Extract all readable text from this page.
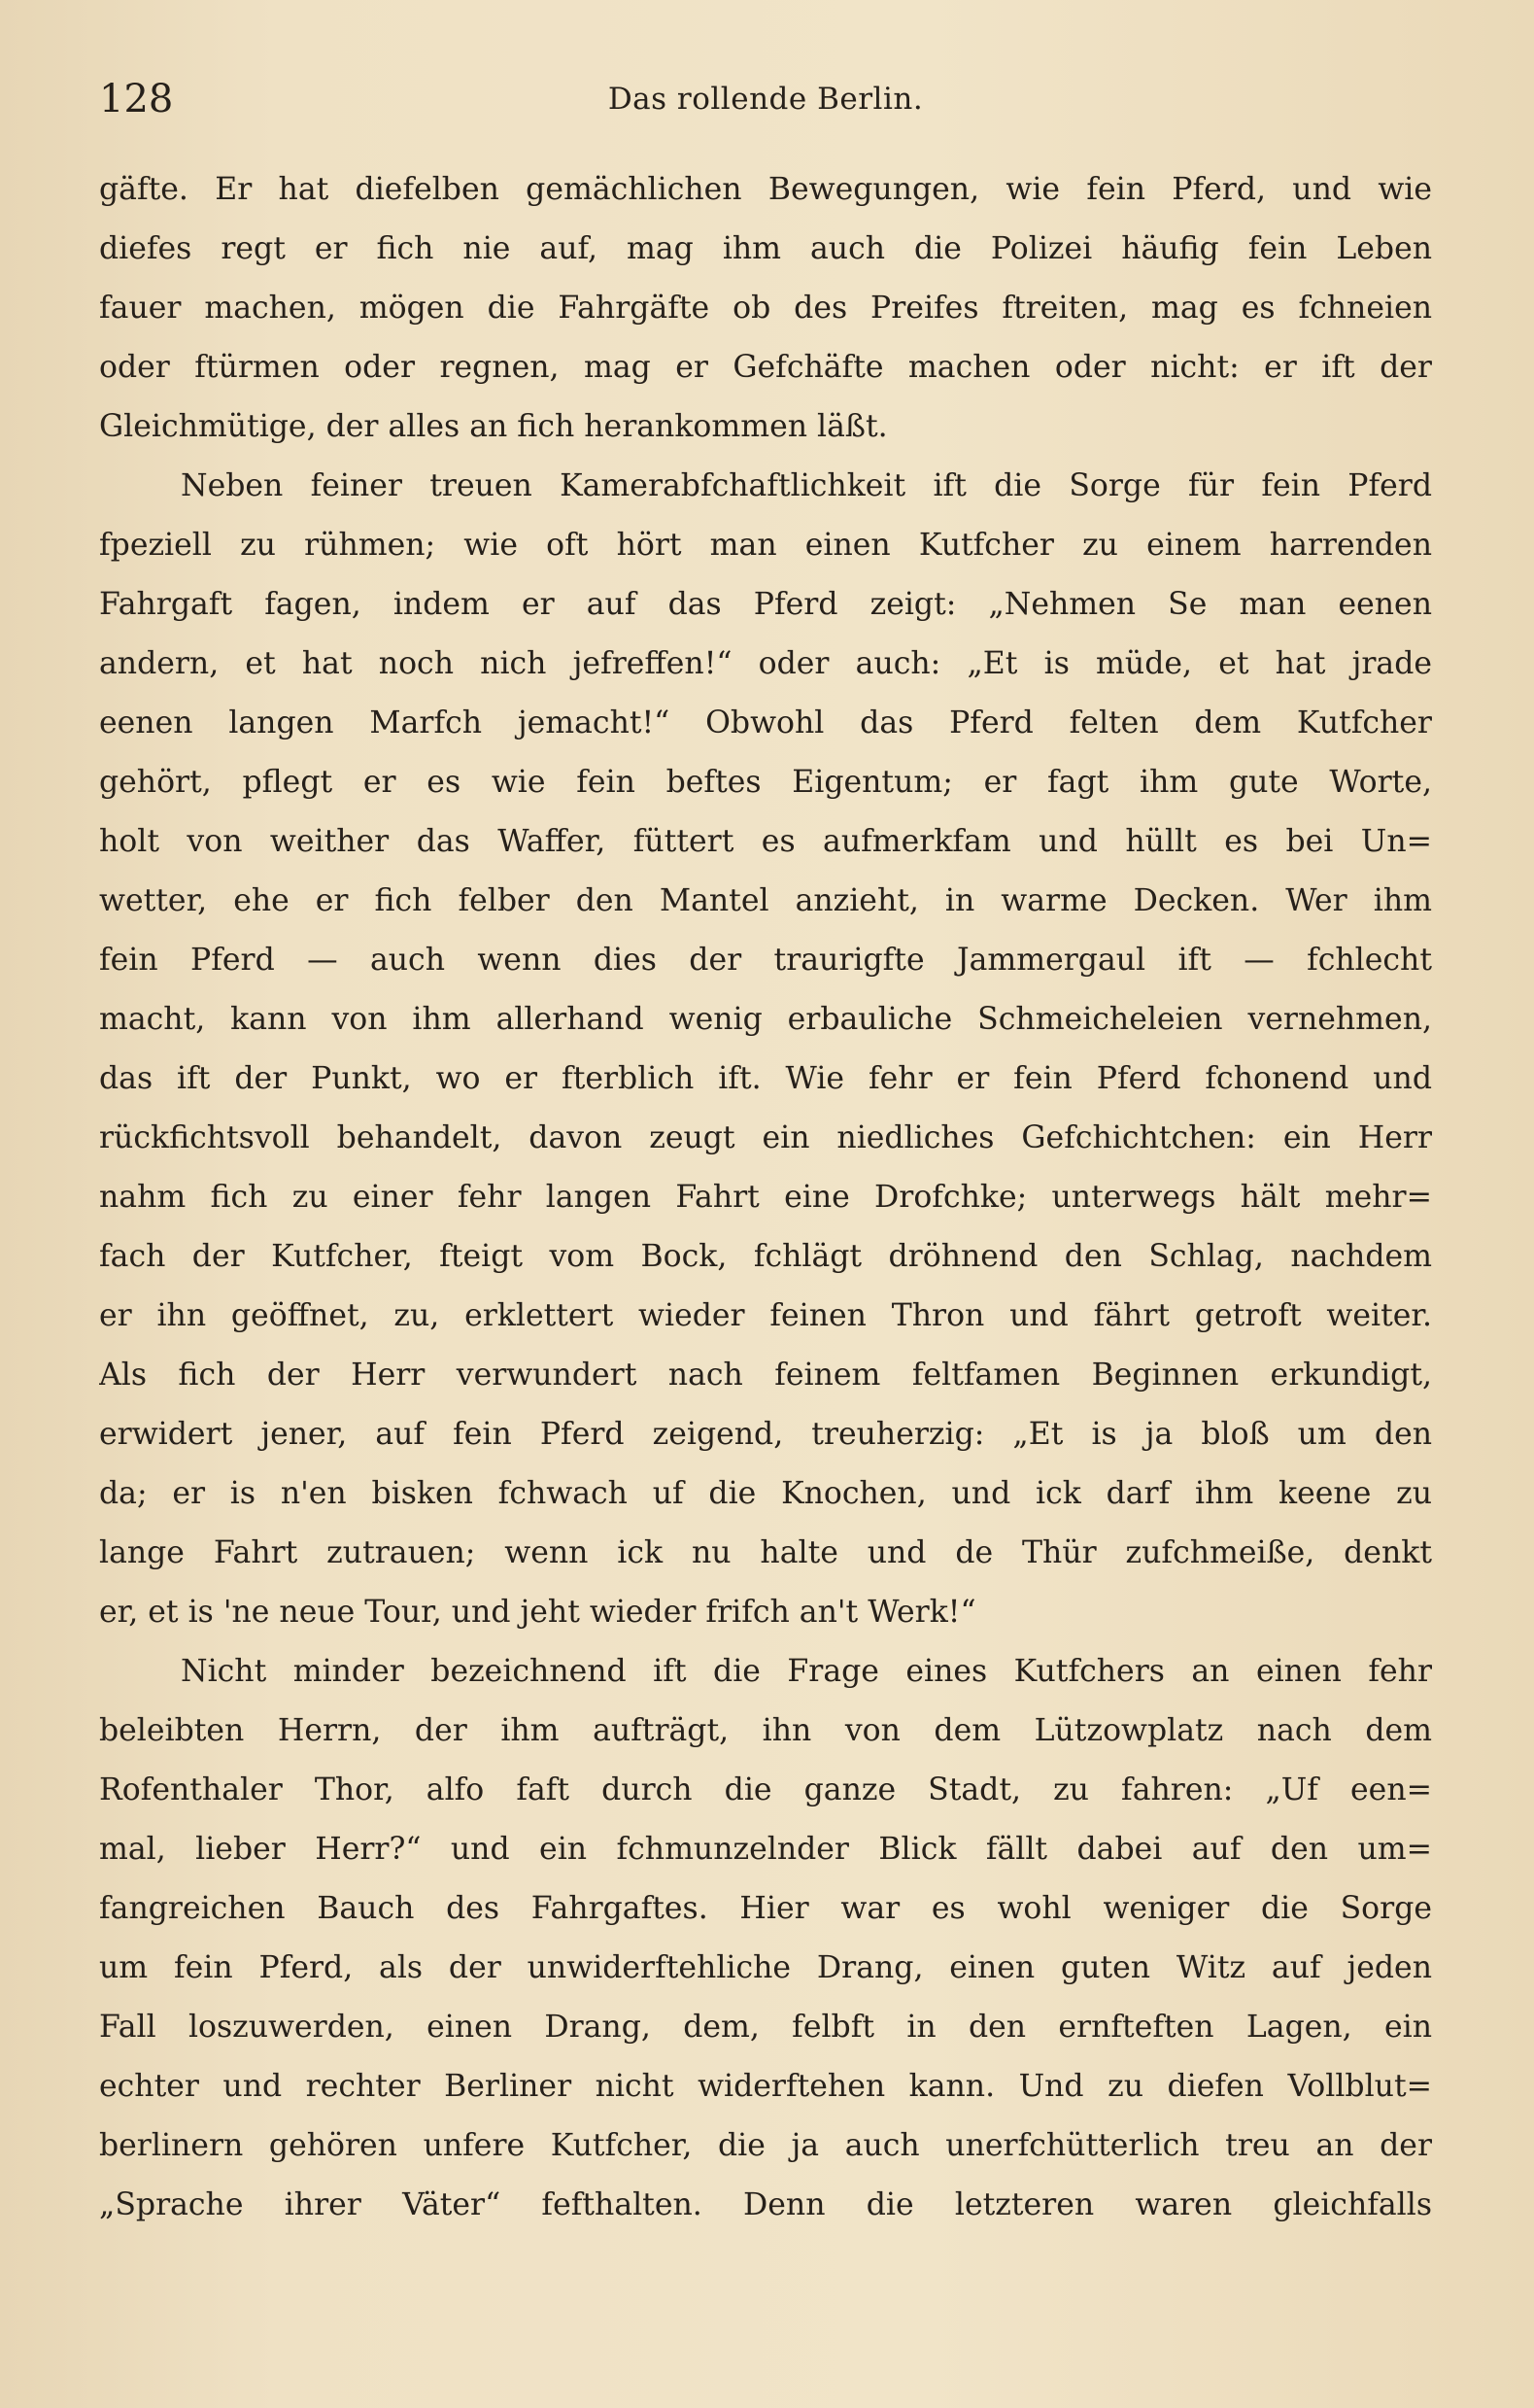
128	Das rollende Berlin.
gäfte. Er hat diefelben gemächlichen Bewegungen, wie fein Pferd, und wie
diefes regt er fich nie auf, mag ihm auch die Polizei häufig fein Leben
fauer machen, mögen die Fahrgäfte ob des Preifes ftreiten, mag es fchneien
oder ftürmen oder regnen, mag er Gefchäfte machen oder nicht: er ift der
Gleichmütige, der alles an fich herankommen läßt.
Neben feiner treuen Kamerabfchaftlichkeit ift die Sorge für fein Pferd
fpeziell zu rühmen; wie oft hört man einen Kutfcher zu einem harrenden
Fahrgaft fagen, indem er auf das Pferd zeigt: „Nehmen Se man eenen
andern, et hat noch nich jefreffen!“ oder auch: „Et is müde, et hat jrade
eenen langen Marfch jemacht!“ Obwohl das Pferd felten dem Kutfcher
gehört, pflegt er es wie fein beftes Eigentum; er fagt ihm gute Worte,
holt von weither das Waffer, füttert es aufmerkfam und hüllt es bei Un=
wetter, ehe er fich felber den Mantel anzieht, in warme Decken. Wer ihm
fein Pferd — auch wenn dies der traurigfte Jammergaul ift — fchlecht
macht, kann von ihm allerhand wenig erbauliche Schmeicheleien vernehmen,
das ift der Punkt, wo er fterblich ift. Wie fehr er fein Pferd fchonend und
rückfichtsvoll behandelt, davon zeugt ein niedliches Gefchichtchen: ein Herr
nahm fich zu einer fehr langen Fahrt eine Drofchke; unterwegs hält mehr=
fach der Kutfcher, fteigt vom Bock, fchlägt dröhnend den Schlag, nachdem
er ihn geöffnet, zu, erklettert wieder feinen Thron und fährt getroft weiter.
Als fich der Herr verwundert nach feinem feltfamen Beginnen erkundigt,
erwidert jener, auf fein Pferd zeigend, treuherzig: „Et is ja bloß um den
da; er is n'en bisken fchwach uf die Knochen, und ick darf ihm keene zu
lange Fahrt zutrauen; wenn ick nu halte und de Thür zufchmeiße, denkt
er, et is 'ne neue Tour, und jeht wieder frifch an't Werk!“
Nicht minder bezeichnend ift die Frage eines Kutfchers an einen fehr
beleibten Herrn, der ihm aufträgt, ihn von dem Lützowplatz nach dem
Rofenthaler Thor, alfo faft durch die ganze Stadt, zu fahren: „Uf een=
mal, lieber Herr?“ und ein fchmunzelnder Blick fällt dabei auf den um=
fangreichen Bauch des Fahrgaftes. Hier war es wohl weniger die Sorge
um fein Pferd, als der unwiderftehliche Drang, einen guten Witz auf jeden
Fall loszuwerden, einen Drang, dem, felbft in den ernfteften Lagen, ein
echter und rechter Berliner nicht widerftehen kann. Und zu diefen Vollblut=
berlinern gehören unfere Kutfcher, die ja auch unerfchütterlich treu an der
„Sprache ihrer Väter“ fefthalten. Denn die letzteren waren gleichfalls
